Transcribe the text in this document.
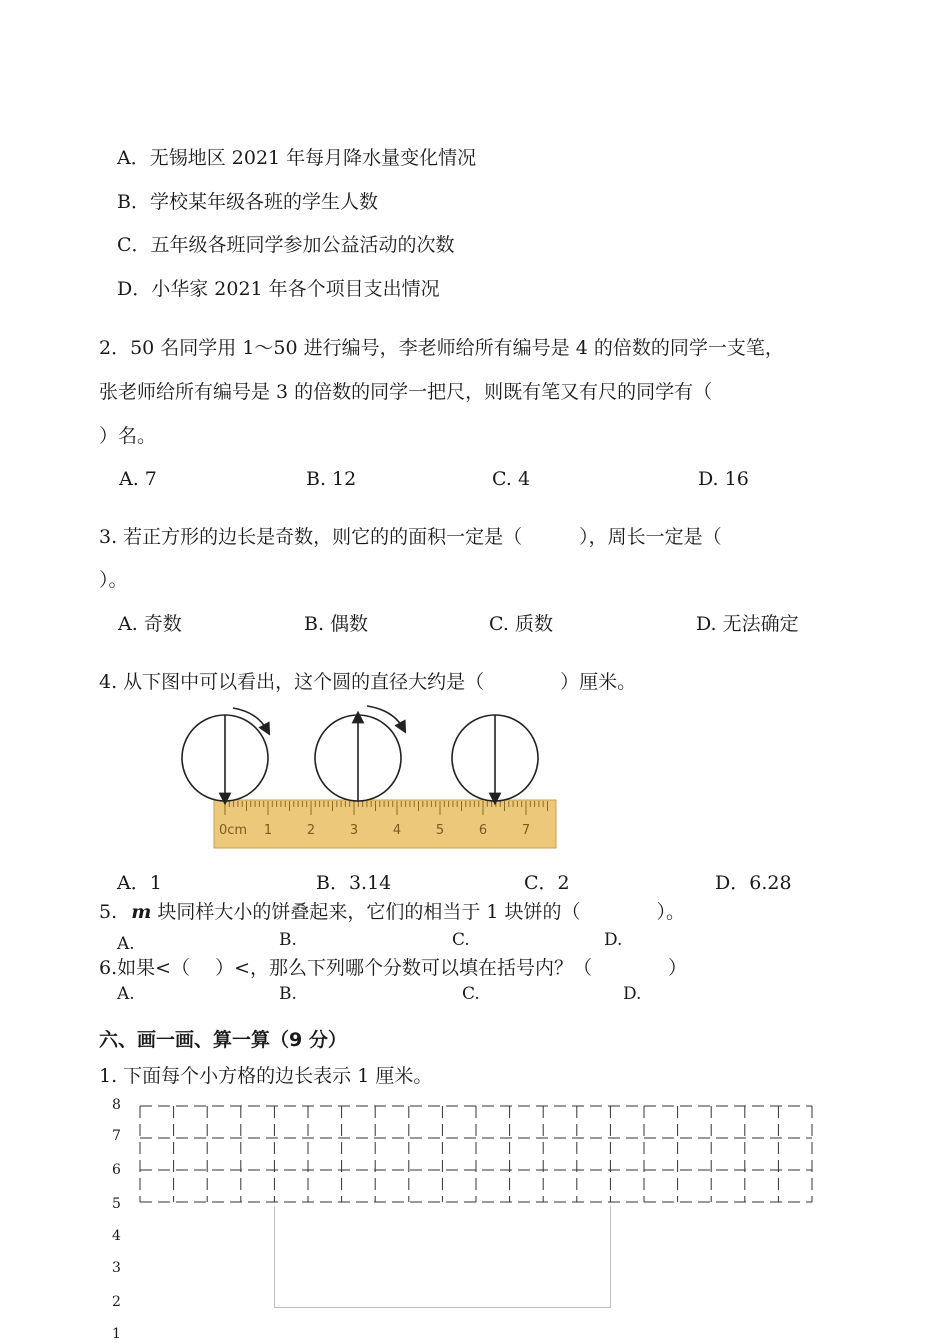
A．无锡地区 2021 年每月降水量变化情况
B．学校某年级各班的学生人数
C．五年级各班同学参加公益活动的次数
D．小华家 2021 年各个项目支出情况
2．50 名同学用 1～50 进行编号，李老师给所有编号是 4 的倍数的同学一支笔，
张老师给所有编号是 3 的倍数的同学一把尺，则既有笔又有尺的同学有（
）名。
A. 7	B. 12	C. 4	D. 16
3. 若正方形的边长是奇数，则它的的面积一定是（　　　），周长一定是（
）。
A. 奇数	B. 偶数	C. 质数	D. 无法确定
4. 从下图中可以看出，这个圆的直径大约是（　　　　）厘米。
0cm 1	2	3	4	5	6	7
A．1	B．3.14	C．2	D．6.28
5. m 块同样大小的饼叠起来，它们的相当于 1 块饼的（　　　　）。
A.	B.	C.	D.
6.如果<（　 ）<，那么下列哪个分数可以填在括号内？（　　　　）
A.	B.	C.	D.
六、画一画、算一算（9 分）
1. 下面每个小方格的边长表示 1 厘米。
8
7
6
5
4
3
2
1
